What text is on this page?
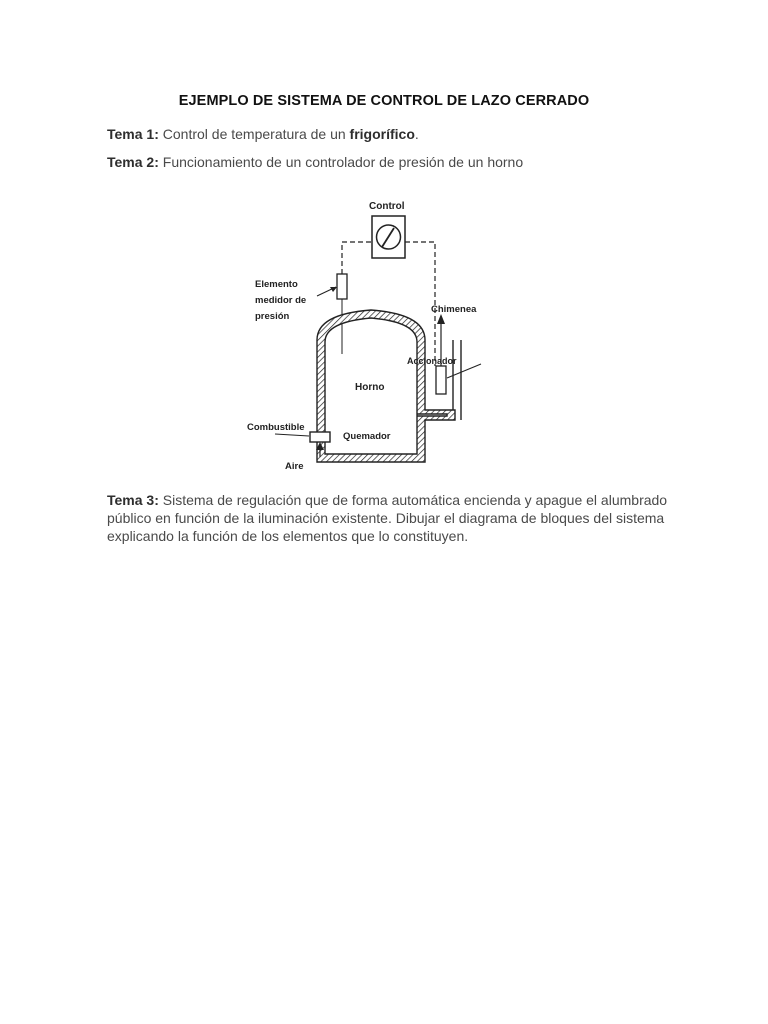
EJEMPLO DE SISTEMA DE CONTROL DE LAZO CERRADO
Tema 1: Control de temperatura de un frigorífico.
Tema 2: Funcionamiento de un controlador de presión de un horno
Control
Elemento
medidor de
presión
Horno
Chimenea
Accionador
Combustible
Quemador
Aire
Tema 3: Sistema de regulación que de forma automática encienda y apague el alumbrado
público en función de la iluminación existente. Dibujar el diagrama de bloques del sistema
explicando la función de los elementos que lo constituyen.
